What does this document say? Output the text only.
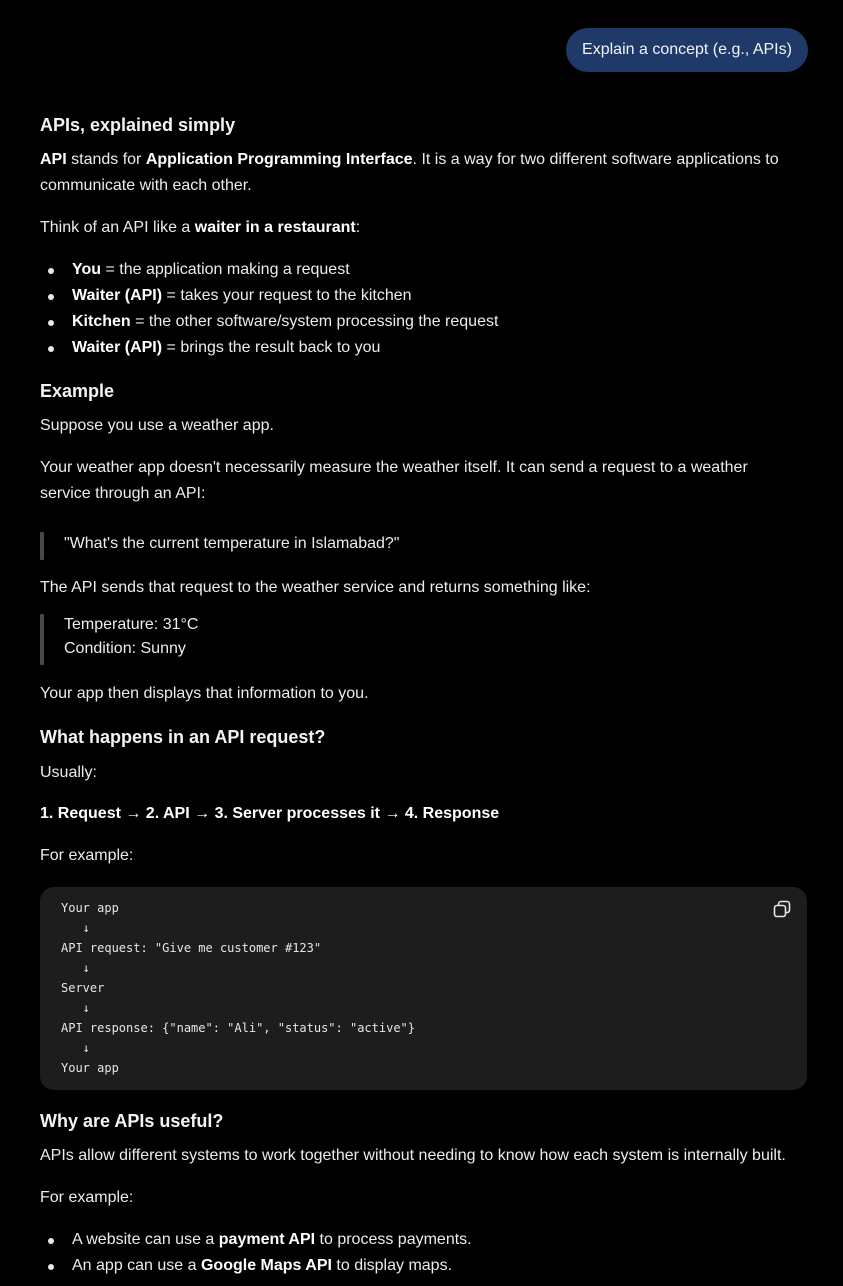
Explain a concept (e.g., APIs)
APIs, explained simply
API stands for Application Programming Interface. It is a way for two different software applications to
communicate with each other.
Think of an API like a waiter in a restaurant:
You = the application making a request
Waiter (API) = takes your request to the kitchen
Kitchen = the other software/system processing the request
Waiter (API) = brings the result back to you
Example
Suppose you use a weather app.
Your weather app doesn't necessarily measure the weather itself. It can send a request to a weather
service through an API:
"What's the current temperature in Islamabad?"
The API sends that request to the weather service and returns something like:
Temperature: 31°C
Condition: Sunny
Your app then displays that information to you.
What happens in an API request?
Usually:
1. Request → 2. API → 3. Server processes it → 4. Response
For example:
Your app
↓
API request: "Give me customer #123"
↓
Server
↓
API response: {"name": "Ali", "status": "active"}
↓
Your app
Why are APIs useful?
APIs allow different systems to work together without needing to know how each system is internally built.
For example:
A website can use a payment API to process payments.
An app can use a Google Maps API to display maps.
